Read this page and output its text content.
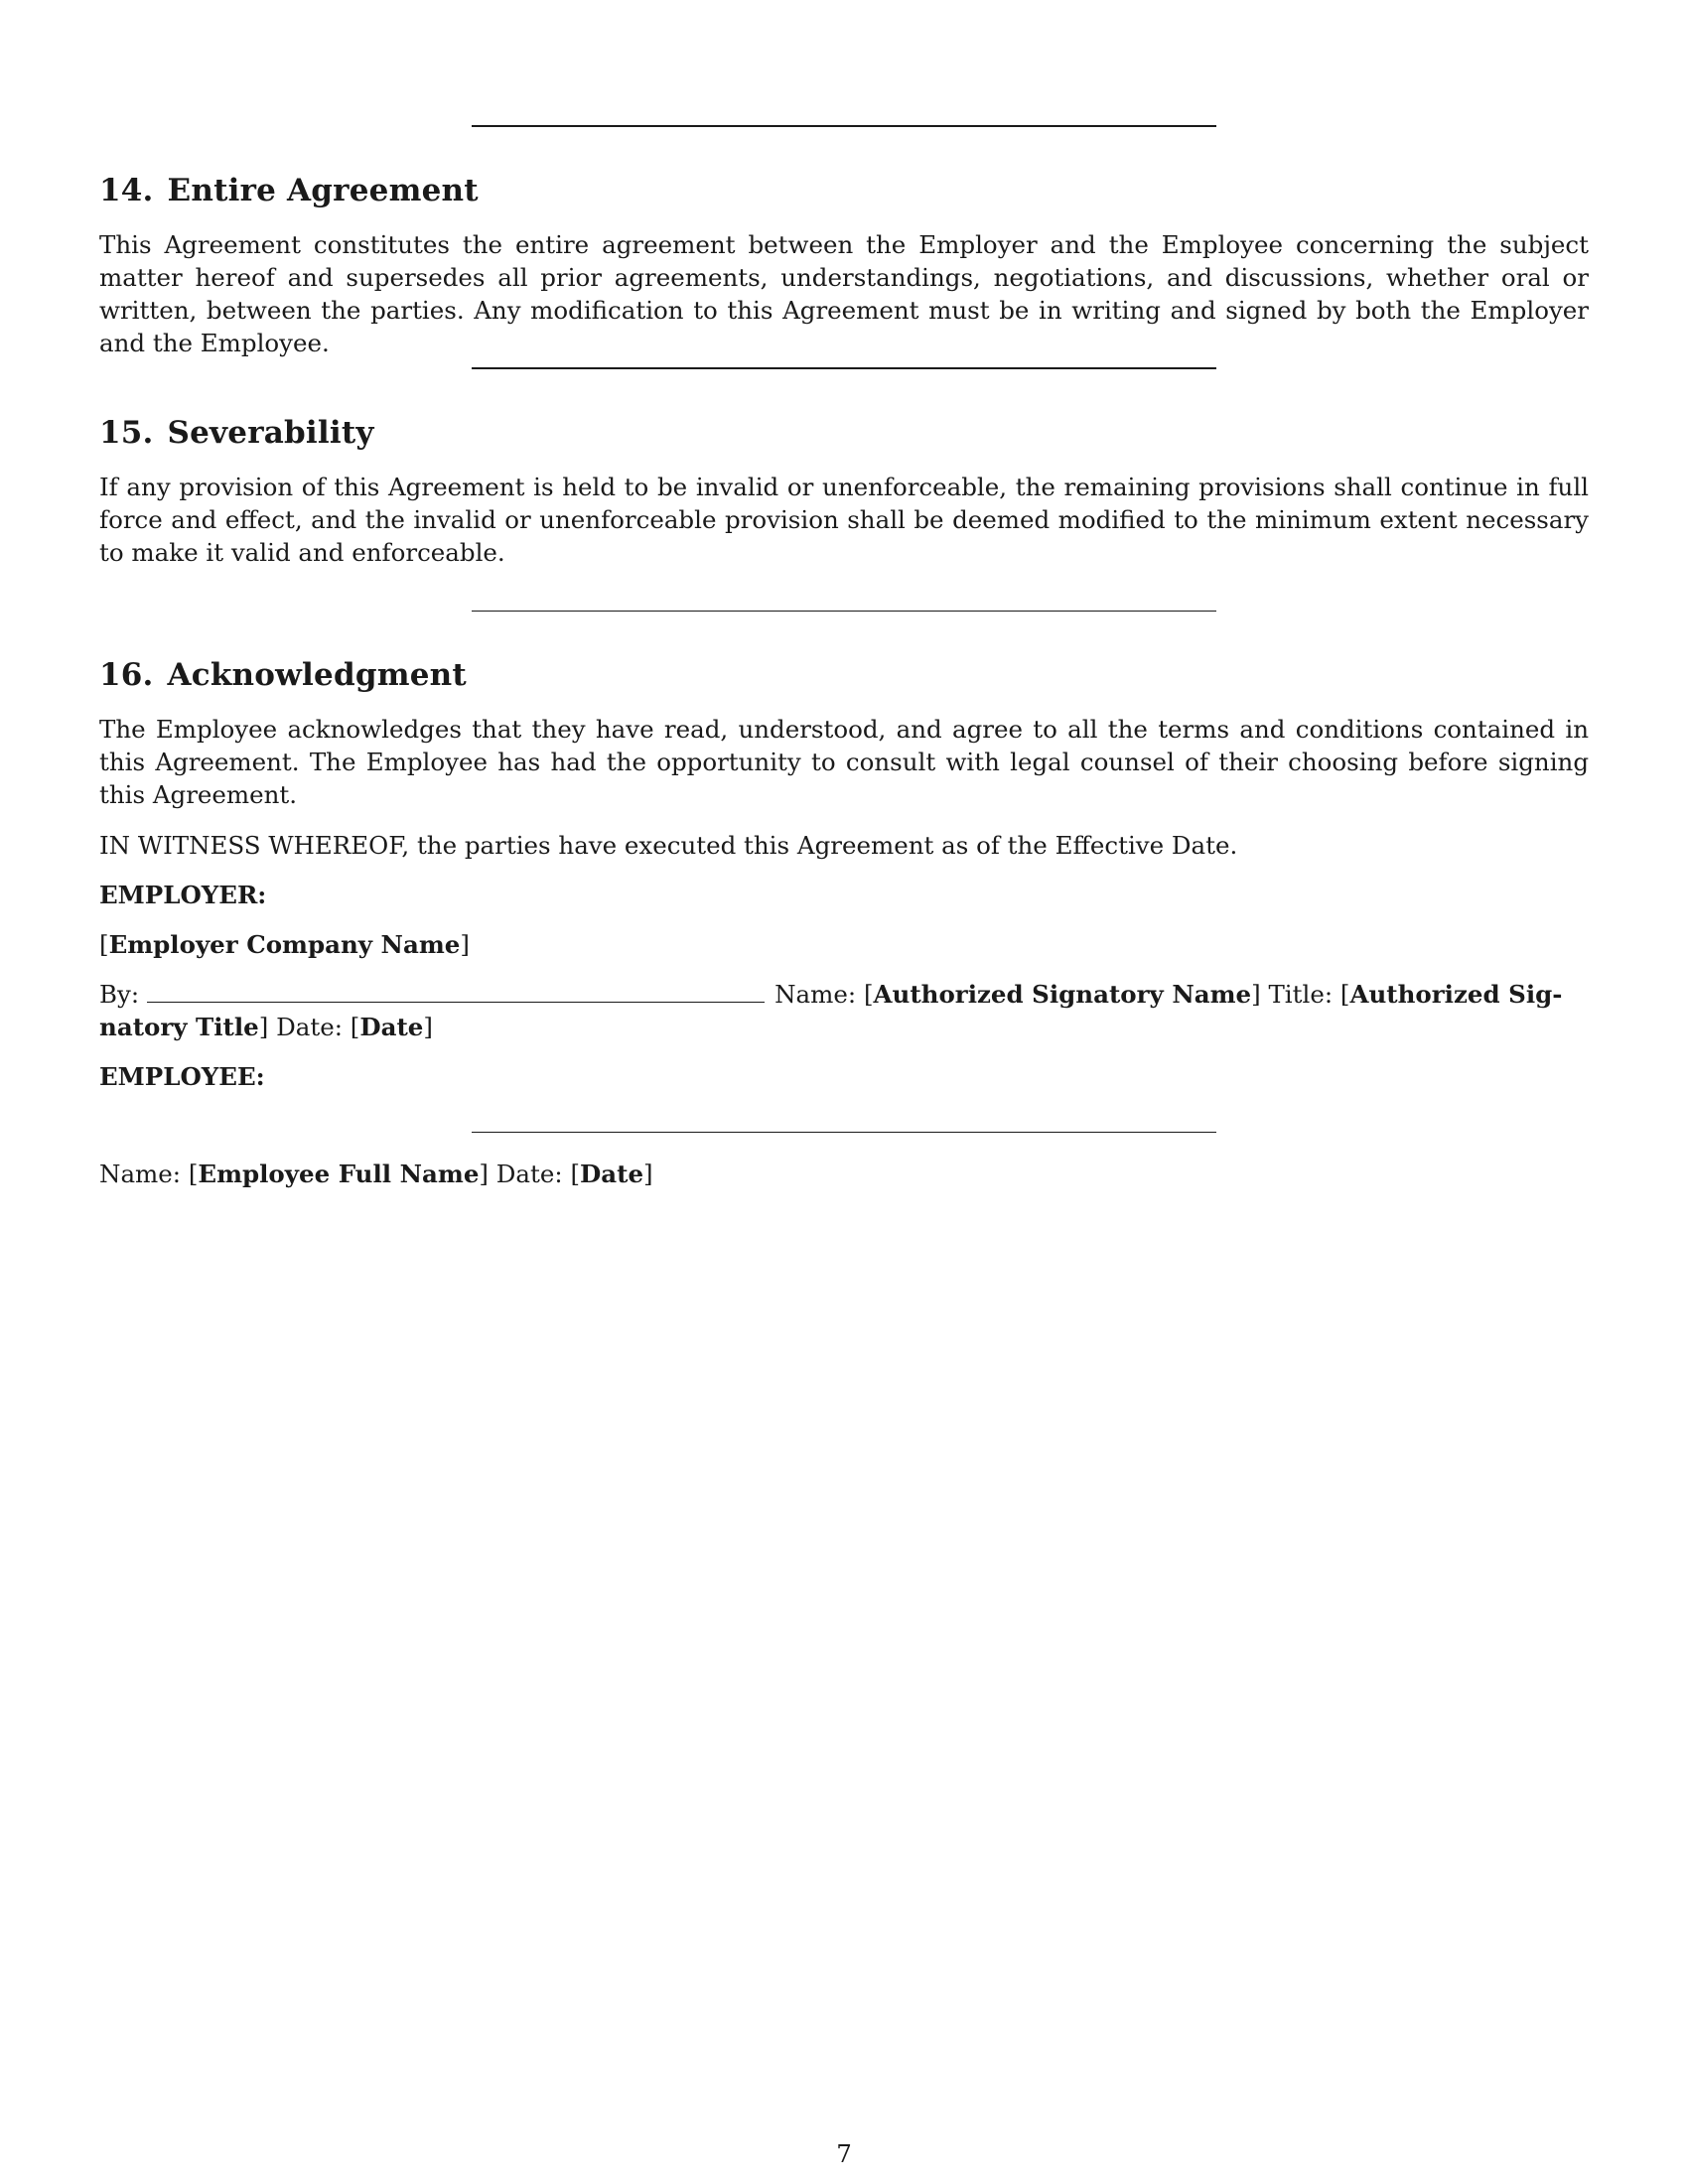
14. Entire Agreement

This Agreement constitutes the entire agreement between the Employer and the Employee concerning the subject matter hereof and supersedes all prior agreements, understandings, negotiations, and discussions, whether oral or written, between the parties. Any modification to this Agreement must be in writing and signed by both the Employer and the Employee.

15. Severability

If any provision of this Agreement is held to be invalid or unenforceable, the remaining provisions shall continue in full force and effect, and the invalid or unenforceable provision shall be deemed modified to the minimum extent necessary to make it valid and enforceable.

16. Acknowledgment

The Employee acknowledges that they have read, understood, and agree to all the terms and conditions contained in this Agreement. The Employee has had the opportunity to consult with legal counsel of their choosing before signing this Agreement.

IN WITNESS WHEREOF, the parties have executed this Agreement as of the Effective Date.

EMPLOYER:

[Employer Company Name]

By:	Name: [Authorized Signatory Name] Title: [Authorized Sig-

natory Title] Date: [Date]

EMPLOYEE:

Name: [Employee Full Name] Date: [Date]

7
